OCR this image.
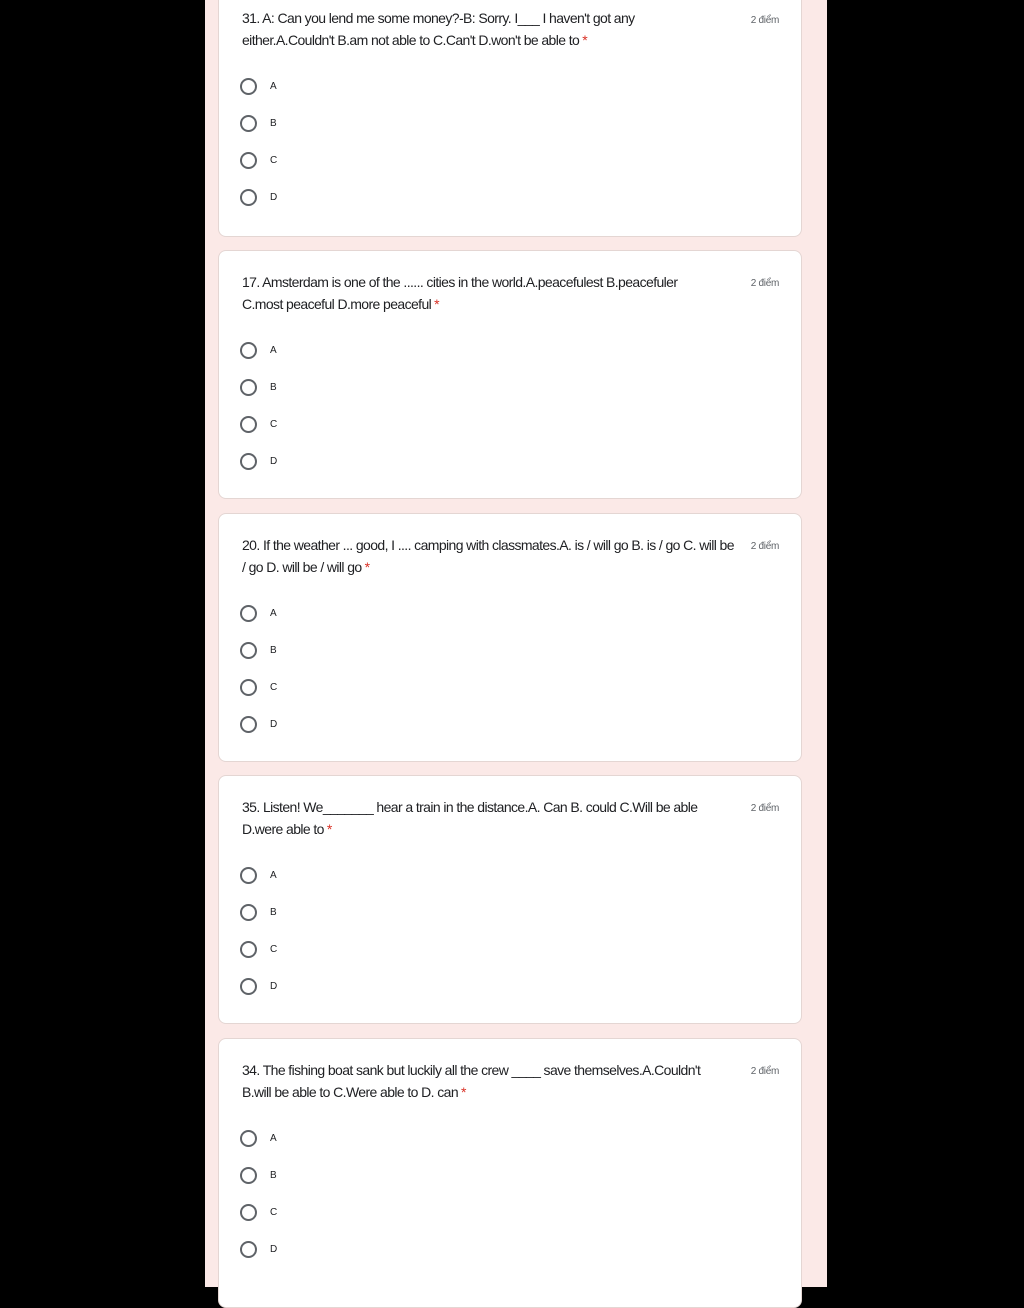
31. A: Can you lend me some money?-B: Sorry. I___ I haven't got any either.A.Couldn't B.am not able to C.Can't D.won't be able to *
2 điểm
A
B
C
D
17. Amsterdam is one of the ...... cities in the world.A.peacefulest B.peacefuler C.most peaceful D.more peaceful *
2 điểm
A
B
C
D
20. If the weather ... good, I .... camping with classmates.A. is / will go B. is / go C. will be / go D. will be / will go *
2 điểm
A
B
C
D
35. Listen! We_______ hear a train in the distance.A. Can B. could C.Will be able D.were able to *
2 điểm
A
B
C
D
34. The fishing boat sank but luckily all the crew ____ save themselves.A.Couldn't B.will be able to C.Were able to D. can *
2 điểm
A
B
C
D
